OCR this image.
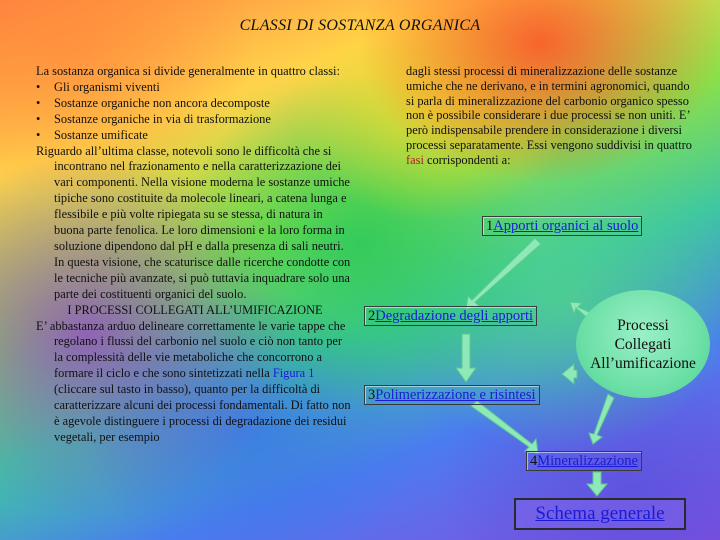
CLASSI DI SOSTANZA ORGANICA

La sostanza organica si divide generalmente in quattro classi:

• Gli organismi viventi

• Sostanze organiche non ancora decomposte

• Sostanze organiche in via di trasformazione

• Sostanze umificate

Riguardo all’ultima classe, notevoli sono le difficoltà che si incontrano nel frazionamento e nella caratterizzazione dei vari componenti. Nella visione moderna le sostanze umiche tipiche sono costituite da molecole lineari, a catena lunga e flessibile e più volte ripiegata su se stessa, di natura in buona parte fenolica. Le loro dimensioni e la loro forma in soluzione dipendono dal pH e dalla presenza di sali neutri. In questa visione, che scaturisce dalle ricerche condotte con le tecniche più avanzate, si può tuttavia inquadrare solo una parte dei costituenti organici del suolo.

I PROCESSI COLLEGATI ALL’UMIFICAZIONE

E’ abbastanza arduo delineare correttamente le varie tappe che regolano i flussi del carbonio nel suolo e ciò non tanto per la complessità delle vie metaboliche che concorrono a formare il ciclo e che sono sintetizzati nella Figura 1 (cliccare sul tasto in basso), quanto per la difficoltà di caratterizzare alcuni dei processi fondamentali. Di fatto non è agevole distinguere i processi di degradazione dei residui vegetali, per esempio

dagli stessi processi di mineralizzazione delle sostanze umiche che ne derivano, e in termini agronomici, quando si parla di mineralizzazione del carbonio organico spesso non è possibile considerare i due processi se non uniti. E’ però indispensabile prendere in considerazione i diversi processi separatamente. Essi vengono suddivisi in quattro fasi corrispondenti a:
1Apporti organici al suolo
2Degradazione degli apporti
3Polimerizzazione e risintesi
4Mineralizzazione
Processi
Collegati
All’umificazione
Schema generale
